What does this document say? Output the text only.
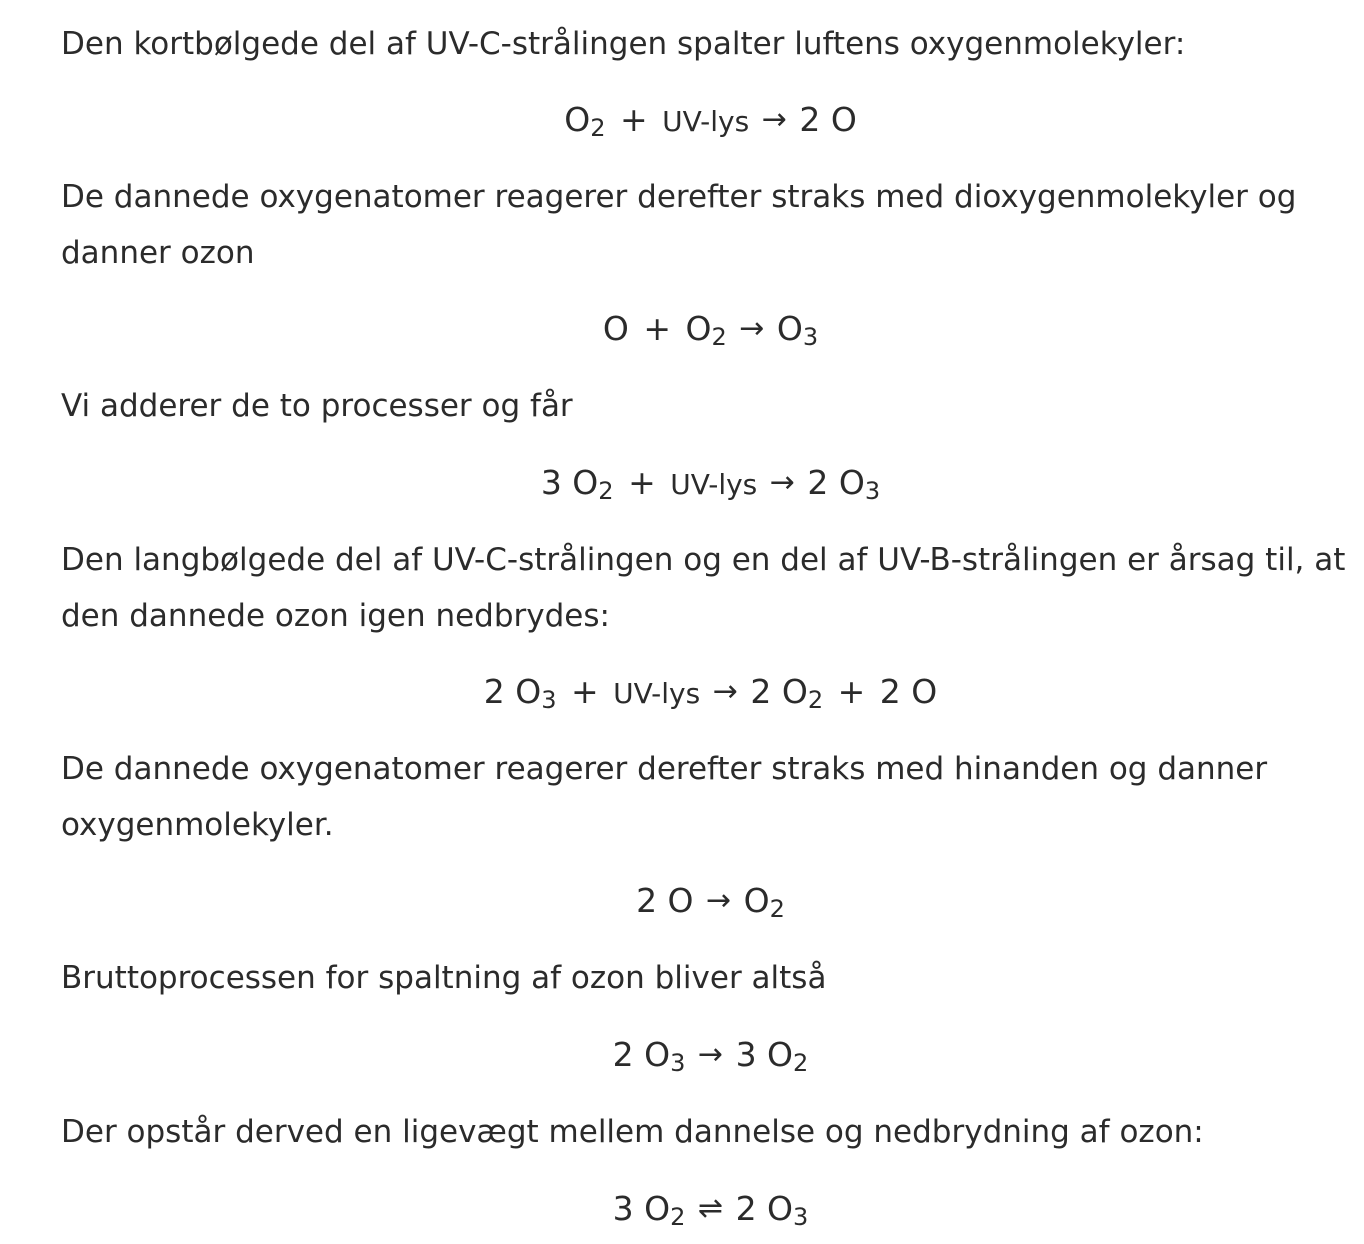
Den kortbølgede del af UV-C-strålingen spalter luftens oxygenmolekyler:

$O_2 + UV-lys \to 2$ O

De dannede oxygenatomer reagerer derefter straks med dioxygenmolekyler og danner ozon

$O + O_2 \to O_3$

Vi adderer de to processer og får

3 $O_2 + UV-lys \to 2$ $O_3$

Den langbølgede del af UV-C-strålingen og en del af UV-B-strålingen er årsag til, at den dannede ozon igen nedbrydes:

2 $O_3 + UV-lys \to 2$ $O_2 + 2$ O

De dannede oxygenatomer reagerer derefter straks med hinanden og danner oxygenmolekyler.

2 $O \to O_2$

Bruttoprocessen for spaltning af ozon bliver altså

2 $O_3 \to 3$ $O_2$

Der opstår derved en ligevægt mellem dannelse og nedbrydning af ozon:

3 $O_2$ ⇌ 2 $O_3$
